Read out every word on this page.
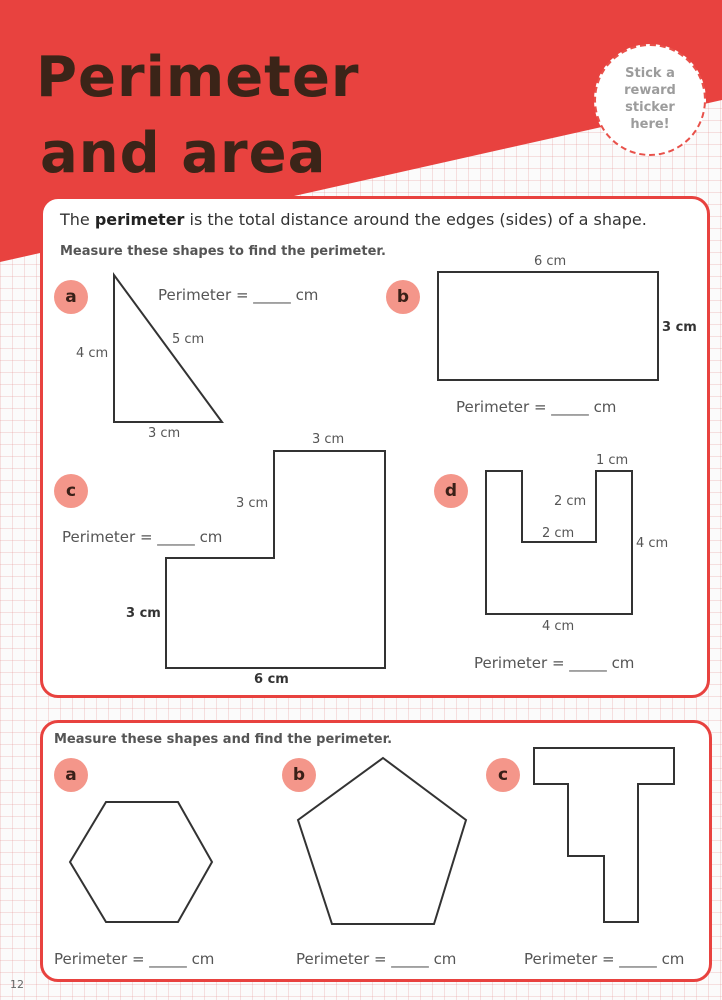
Perimeter
and area
Stick a reward sticker here!
The perimeter is the total distance around the edges (sides) of a shape.
Measure these shapes to find the perimeter.
a	Perimeter = _____ cm
4 cm
5 cm
3 cm
b
6 cm
3 cm
Perimeter = _____ cm
c
3 cm
3 cm
Perimeter = _____ cm
3 cm
6 cm
d
1 cm
2 cm
2 cm
4 cm
4 cm
Perimeter = _____ cm
Measure these shapes and find the perimeter.
a	b	c
Perimeter = _____ cm	Perimeter = _____ cm	Perimeter = _____ cm
12
